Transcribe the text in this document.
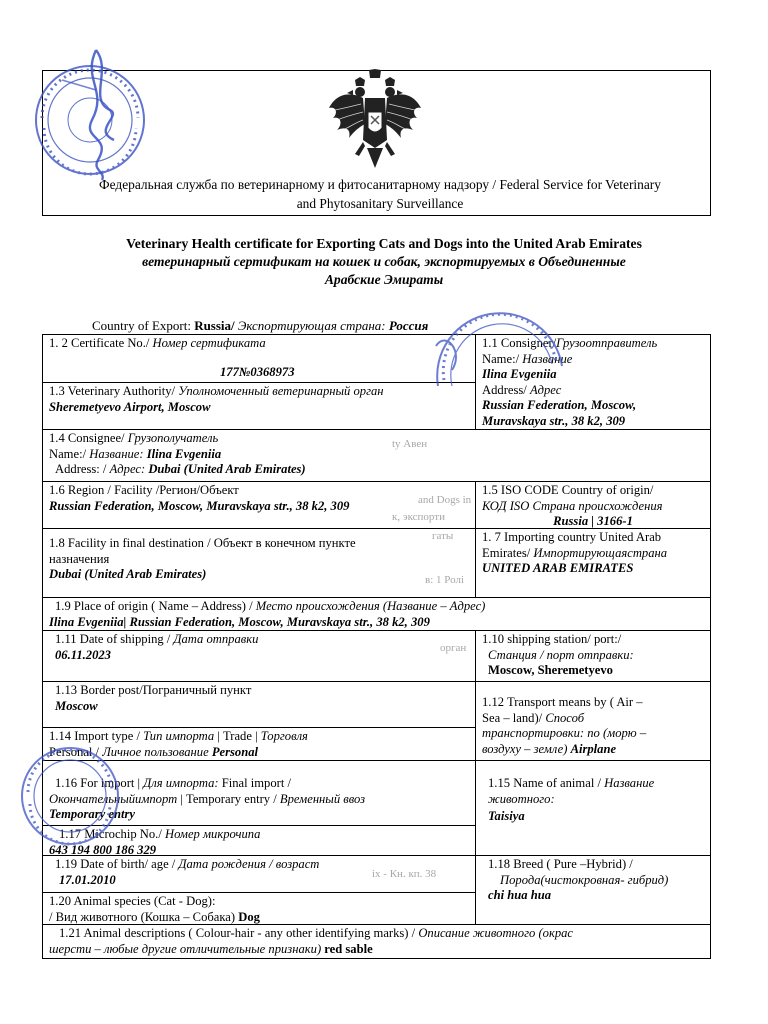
Федеральная служба по ветеринарному и фитосанитарному надзору / Federal Service for Veterinary
and Phytosanitary Surveillance
Veterinary Health certificate for Exporting Cats and Dogs into the United Arab Emirates
ветеринарный сертификат на кошек и собак, экспортируемых в Объединенные
Арабские Эмираты
Country of Export: Russia/ Экспортирующая страна: Россия
1. 2 Certificate No./ Номер сертификата
177№0368973
1.1 Consigner/Грузоотправитель
Name:/ Название
Ilina Evgeniia
Address/ Адрес
Russian Federation, Moscow,
Muravskaya str., 38 k2, 309
1.3 Veterinary Authority/ Уполномоченный ветеринарный орган
Sheremetyevo Airport, Moscow
1.4 Consignee/ Грузополучатель
Name:/ Название: Ilina Evgeniia
Address: / Адрес: Dubai (United Arab Emirates)
1.6 Region / Facility /Регион/Объект
Russian Federation, Moscow, Muravskaya str., 38 k2, 309
1.5 ISO CODE Country of origin/
КОД ISO Страна происхождения
Russia | 3166-1
1.8 Facility in final destination / Объект в конечном пункте
назначения
Dubai (United Arab Emirates)
1. 7 Importing country United Arab
Emirates/ Импортирующаястрана
UNITED ARAB EMIRATES
1.9 Place of origin ( Name – Address) / Место происхождения (Название – Адрес)
Ilina Evgeniia| Russian Federation, Moscow, Muravskaya str., 38 k2, 309
1.11 Date of shipping / Дата отправки
06.11.2023
1.10 shipping station/ port:/
Станция / порт отправки:
Moscow, Sheremetyevo
1.13 Border post/Пограничный пункт
Moscow	1.12 Transport means by ( Air –
Sea – land)/ Способ
транспортировки: по (морю –
воздуху – земле) Airplane
1.14 Import type / Тип импорта | Trade | Торговля
Personal / Личное пользование Personal
1.16 For import | Для импорта: Final import /
Окончательныйимпорт | Temporary entry / Временный ввоз
Temporary entry
1.15 Name of animal / Название
животного:
Taisiya
1.17 Microchip No./ Номер микрочипа
643 194 800 186 329
1.19 Date of birth/ age / Дата рождения / возраст
17.01.2010
1.18 Breed ( Pure –Hybrid) /
Порода(чистокровная- гибрид)
chi hua hua
1.20 Animal species (Cat - Dog):
/ Вид животного (Кошка – Собака) Dog
1.21 Animal descriptions ( Colour-hair - any other identifying marks) / Описание животного (окрас
шерсти – любые другие отличительные признаки) red sable
and Dogs in
к, экспорти
гаты
в: 1 Ролі
орган
ty Авен
ix - Кн. кп. 38
